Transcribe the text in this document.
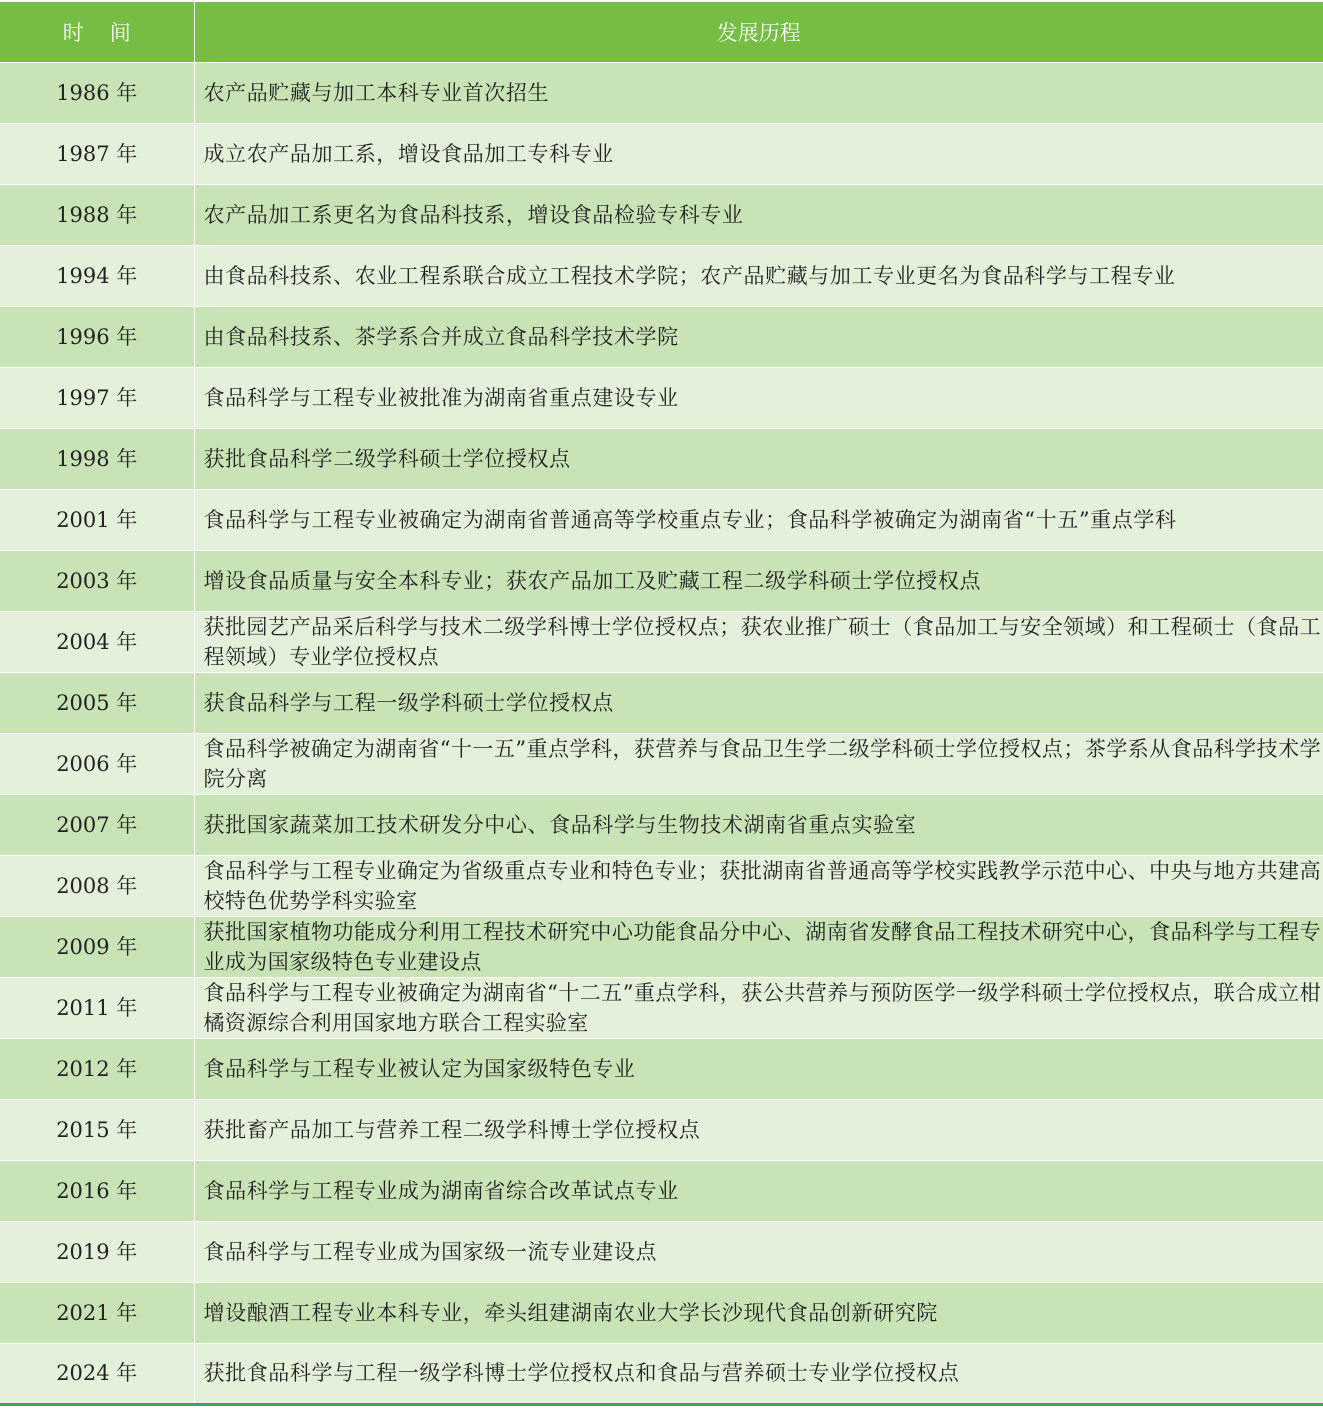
时间	发展历程
1986 年	农产品贮藏与加工本科专业首次招生
1987 年	成立农产品加工系，增设食品加工专科专业
1988 年	农产品加工系更名为食品科技系，增设食品检验专科专业
1994 年	由食品科技系、农业工程系联合成立工程技术学院；农产品贮藏与加工专业更名为食品科学与工程专业
1996 年	由食品科技系、茶学系合并成立食品科学技术学院
1997 年	食品科学与工程专业被批准为湖南省重点建设专业
1998 年	获批食品科学二级学科硕士学位授权点
2001 年	食品科学与工程专业被确定为湖南省普通高等学校重点专业；食品科学被确定为湖南省“十五”重点学科
2003 年	增设食品质量与安全本科专业；获农产品加工及贮藏工程二级学科硕士学位授权点
2004 年	获批园艺产品采后科学与技术二级学科博士学位授权点；获农业推广硕士（食品加工与安全领域）和工程硕士（食品工程领域）专业学位授权点
2005 年	获食品科学与工程一级学科硕士学位授权点
2006 年	食品科学被确定为湖南省“十一五”重点学科，获营养与食品卫生学二级学科硕士学位授权点；茶学系从食品科学技术学院分离
2007 年	获批国家蔬菜加工技术研发分中心、食品科学与生物技术湖南省重点实验室
2008 年	食品科学与工程专业确定为省级重点专业和特色专业；获批湖南省普通高等学校实践教学示范中心、中央与地方共建高校特色优势学科实验室
2009 年	获批国家植物功能成分利用工程技术研究中心功能食品分中心、湖南省发酵食品工程技术研究中心，食品科学与工程专业成为国家级特色专业建设点
2011 年	食品科学与工程专业被确定为湖南省“十二五”重点学科，获公共营养与预防医学一级学科硕士学位授权点，联合成立柑橘资源综合利用国家地方联合工程实验室
2012 年	食品科学与工程专业被认定为国家级特色专业
2015 年	获批畜产品加工与营养工程二级学科博士学位授权点
2016 年	食品科学与工程专业成为湖南省综合改革试点专业
2019 年	食品科学与工程专业成为国家级一流专业建设点
2021 年	增设酿酒工程专业本科专业，牵头组建湖南农业大学长沙现代食品创新研究院
2024 年	获批食品科学与工程一级学科博士学位授权点和食品与营养硕士专业学位授权点
